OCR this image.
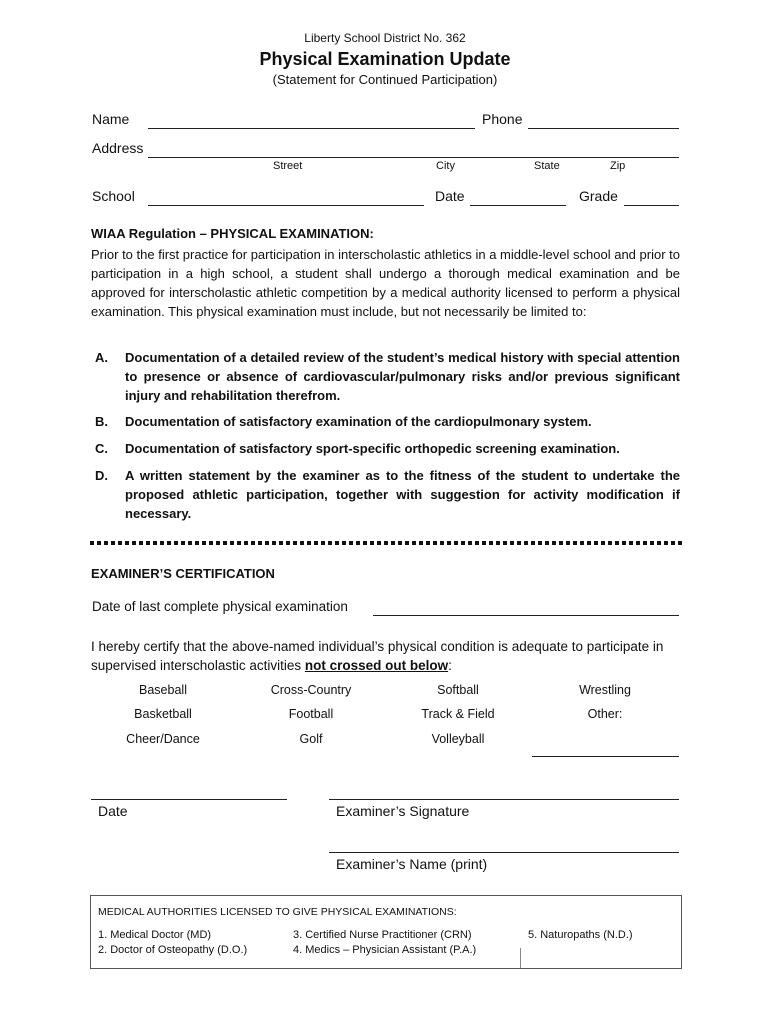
Liberty School District No. 362
Physical Examination Update
(Statement for Continued Participation)
Name	Phone
Address
Street	City	State	Zip
School	Date	Grade
WIAA Regulation – PHYSICAL EXAMINATION:
Prior to the first practice for participation in interscholastic athletics in a middle-level school and prior to participation in a high school, a student shall undergo a thorough medical examination and be approved for interscholastic athletic competition by a medical authority licensed to perform a physical examination. This physical examination must include, but not necessarily be limited to:
A. Documentation of a detailed review of the student’s medical history with special attention to presence or absence of cardiovascular/pulmonary risks and/or previous significant injury and rehabilitation therefrom.
B. Documentation of satisfactory examination of the cardiopulmonary system.
C. Documentation of satisfactory sport-specific orthopedic screening examination.
D. A written statement by the examiner as to the fitness of the student to undertake the proposed athletic participation, together with suggestion for activity modification if necessary.
EXAMINER’S CERTIFICATION
Date of last complete physical examination
I hereby certify that the above-named individual’s physical condition is adequate to participate in supervised interscholastic activities not crossed out below:
Baseball	Cross-Country	Softball	Wrestling
Basketball	Football	Track & Field	Other:
Cheer/Dance	Golf	Volleyball
Date	Examiner’s Signature
Examiner’s Name (print)
MEDICAL AUTHORITIES LICENSED TO GIVE PHYSICAL EXAMINATIONS:
1. Medical Doctor (MD)
2. Doctor of Osteopathy (D.O.)
3. Certified Nurse Practitioner (CRN)
4. Medics – Physician Assistant (P.A.)
5. Naturopaths (N.D.)
